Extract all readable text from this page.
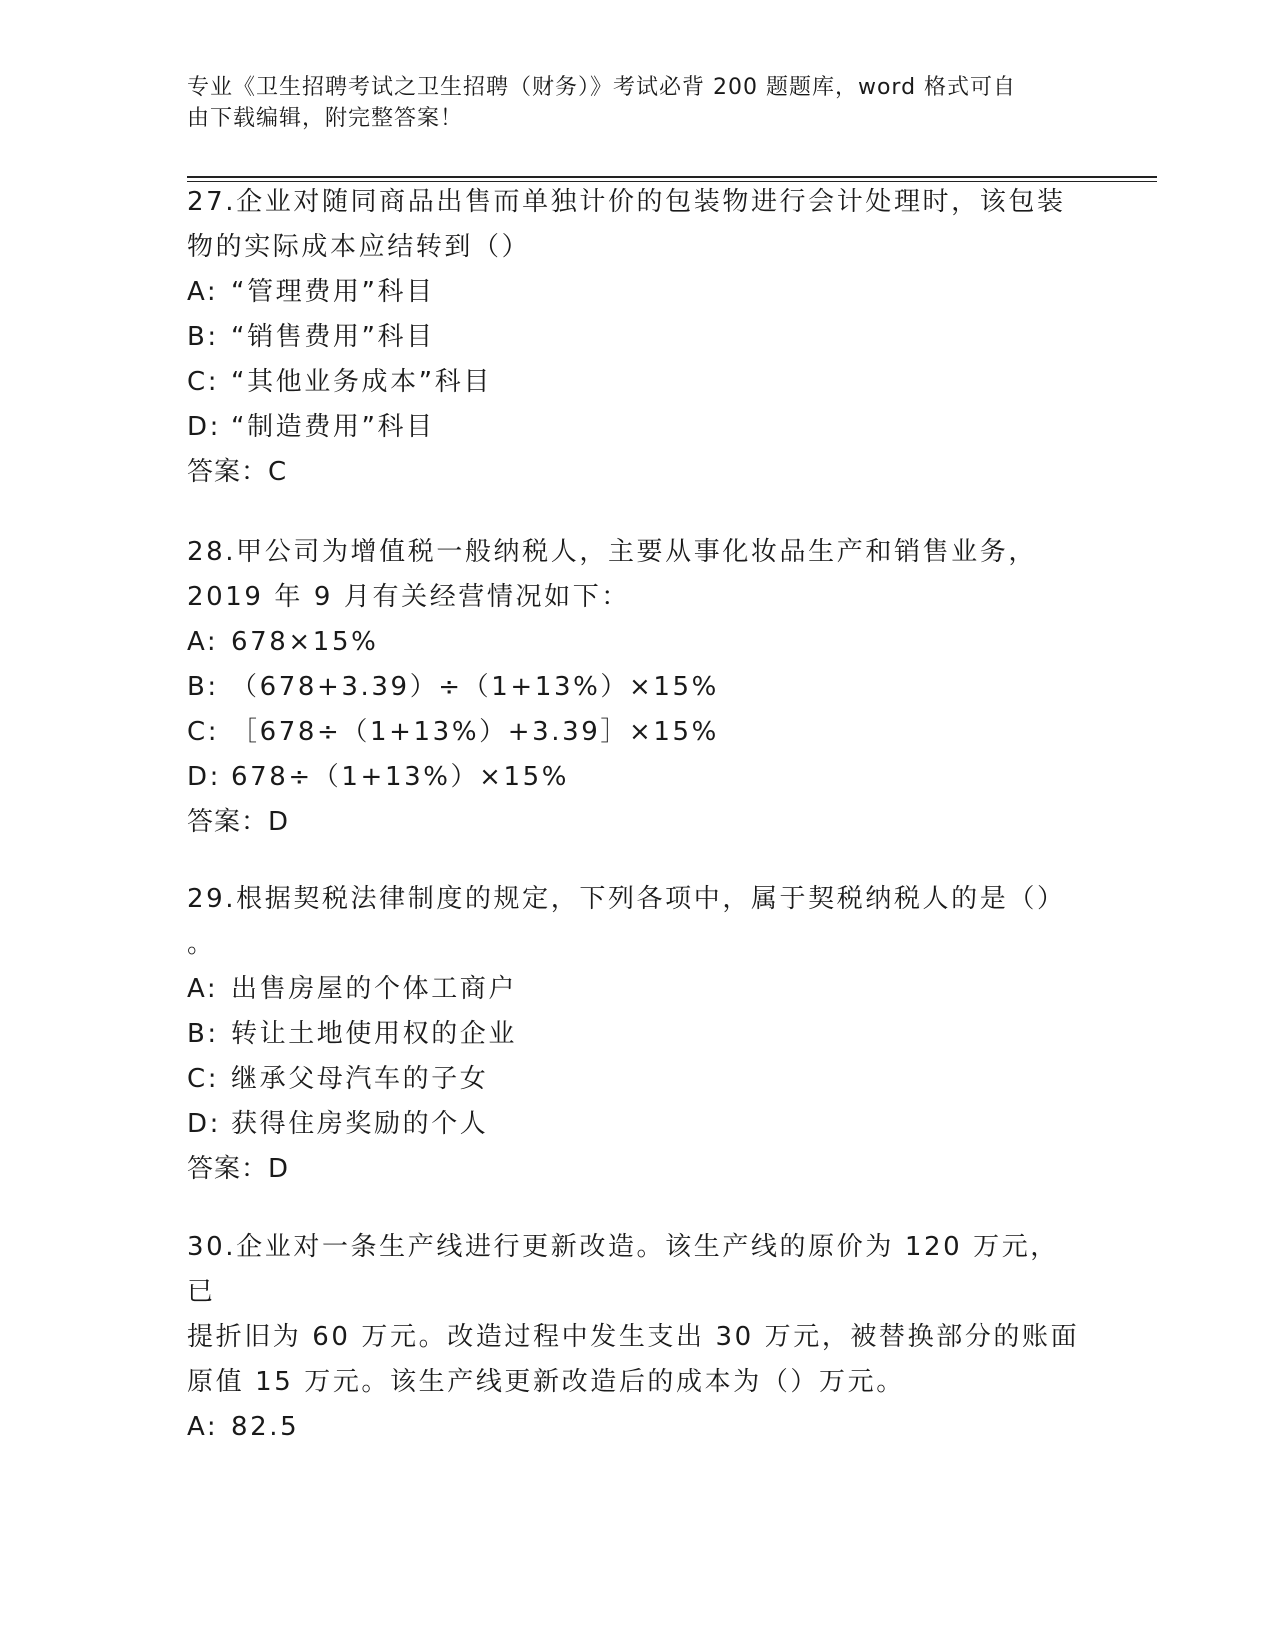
专业《卫生招聘考试之卫生招聘（财务）》考试必背 200 题题库，word 格式可自
由下载编辑，附完整答案！

27.企业对随同商品出售而单独计价的包装物进行会计处理时，该包装

物的实际成本应结转到（）

A: “管理费用”科目

B: “销售费用”科目

C: “其他业务成本”科目

D: “制造费用”科目

答案：C

28.甲公司为增值税一般纳税人，主要从事化妆品生产和销售业务，

2019 年 9 月有关经营情况如下：

A: 678×15%

B: （678+3.39）÷（1+13%）×15%

C: ［678÷（1+13%）+3.39］×15%

D: 678÷（1+13%）×15%

答案：D

29.根据契税法律制度的规定，下列各项中，属于契税纳税人的是（）

。

A: 出售房屋的个体工商户

B: 转让土地使用权的企业

C: 继承父母汽车的子女

D: 获得住房奖励的个人

答案：D

30.企业对一条生产线进行更新改造。该生产线的原价为 120 万元，已

提折旧为 60 万元。改造过程中发生支出 30 万元，被替换部分的账面

原值 15 万元。该生产线更新改造后的成本为（）万元。

A: 82.5
